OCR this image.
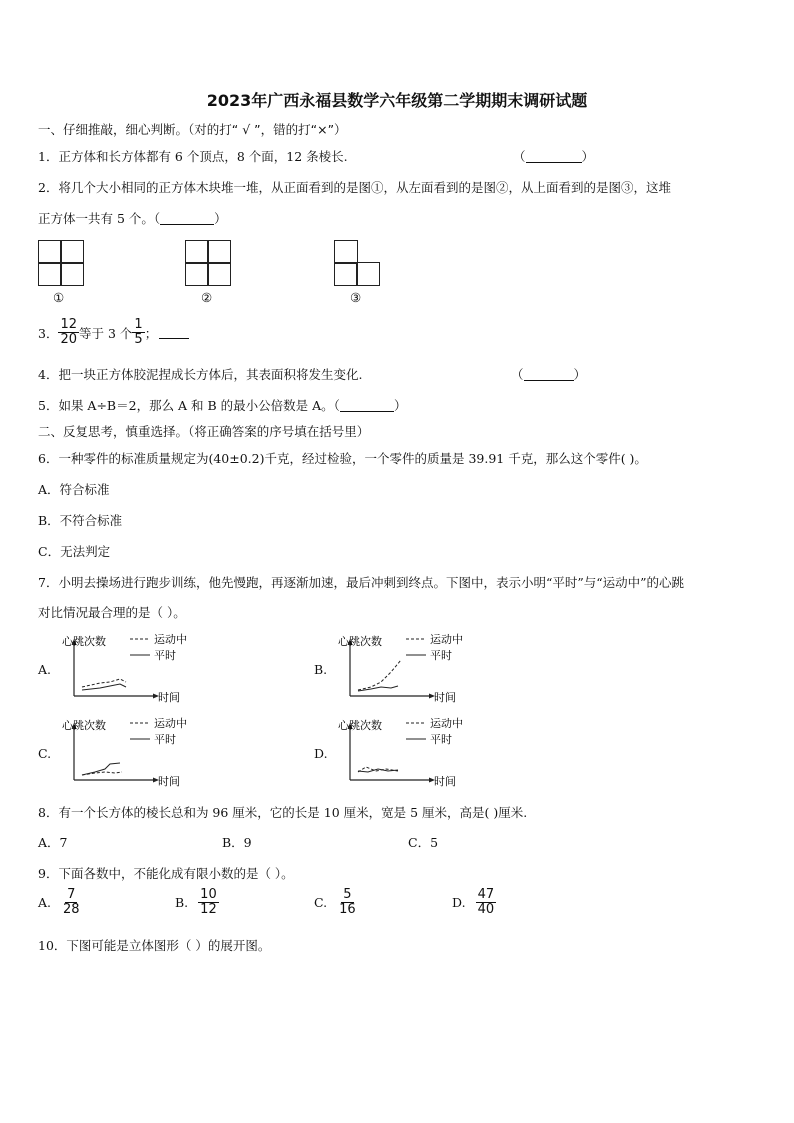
2023年广西永福县数学六年级第二学期期末调研试题
一、仔细推敲，细心判断。（对的打“ √ ”，错的打“×”）
1．正方体和长方体都有 6 个顶点，8 个面，12 条棱长.	（	）
2．将几个大小相同的正方体木块堆一堆，从正面看到的是图①，从左面看到的是图②，从上面看到的是图③，这堆
正方体一共有 5 个。（	）
①	②	③
3． $\frac{12}{20}$ 等于 3 个 $\frac{1}{5}$ ；
4．把一块正方体胶泥捏成长方体后，其表面积将发生变化.	（	）
5．如果 A÷B＝2，那么 A 和 B 的最小公倍数是 A。（	）
二、反复思考，慎重选择。（将正确答案的序号填在括号里）
6．一种零件的标准质量规定为(40±0.2)千克，经过检验，一个零件的质量是 39.91 千克，那么这个零件( )。
A．符合标准
B．不符合标准
C．无法判定
7．小明去操场进行跑步训练，他先慢跑，再逐渐加速，最后冲刺到终点。下图中，表示小明“平时”与“运动中”的心跳
对比情况最合理的是（ ）。
A.	B.
C.	D.
心跳次数	运动中
平时
时间
心跳次数	运动中
平时
时间
心跳次数	运动中
平时
时间
心跳次数	运动中
平时
时间
8．有一个长方体的棱长总和为 96 厘米，它的长是 10 厘米，宽是 5 厘米，高是( )厘米.
A．7	B．9	C．5
9．下面各数中，不能化成有限小数的是（ ）。
A. $\frac{7}{28}$	B. $\frac{10}{12}$	C. $\frac{5}{16}$	D. $\frac{47}{40}$
10．下图可能是立体图形（ ）的展开图。
